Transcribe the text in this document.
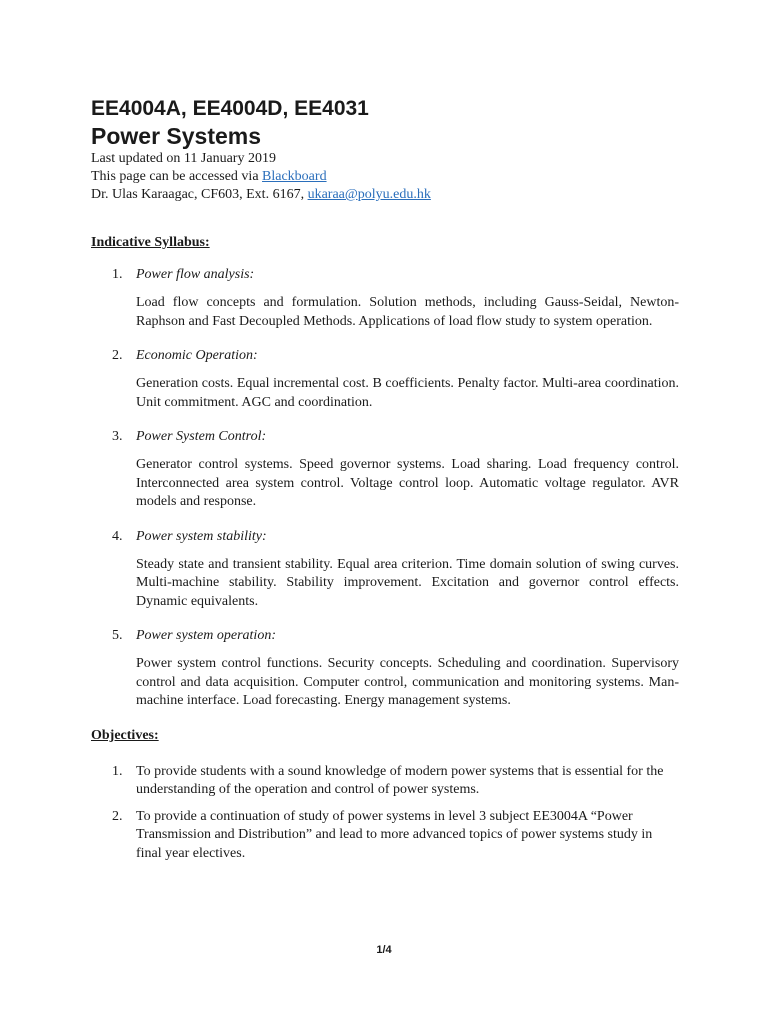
EE4004A, EE4004D, EE4031
Power Systems

Last updated on 11 January 2019

This page can be accessed via Blackboard

Dr. Ulas Karaagac, CF603, Ext. 6167, ukaraa@polyu.edu.hk

Indicative Syllabus:

1. Power flow analysis:

Load flow concepts and formulation. Solution methods, including Gauss-Seidal, Newton-Raphson and Fast Decoupled Methods. Applications of load flow study to system operation.

2. Economic Operation:

Generation costs. Equal incremental cost. B coefficients. Penalty factor. Multi-area coordination. Unit commitment. AGC and coordination.

3. Power System Control:

Generator control systems. Speed governor systems. Load sharing. Load frequency control. Interconnected area system control. Voltage control loop. Automatic voltage regulator. AVR models and response.

4. Power system stability:

Steady state and transient stability. Equal area criterion. Time domain solution of swing curves. Multi-machine stability. Stability improvement. Excitation and governor control effects. Dynamic equivalents.

5. Power system operation:

Power system control functions. Security concepts. Scheduling and coordination. Supervisory control and data acquisition. Computer control, communication and monitoring systems. Man-machine interface. Load forecasting. Energy management systems.

Objectives:

1. To provide students with a sound knowledge of modern power systems that is essential for the understanding of the operation and control of power systems.
2. To provide a continuation of study of power systems in level 3 subject EE3004A “Power Transmission and Distribution” and lead to more advanced topics of power systems study in final year electives.
1/4
